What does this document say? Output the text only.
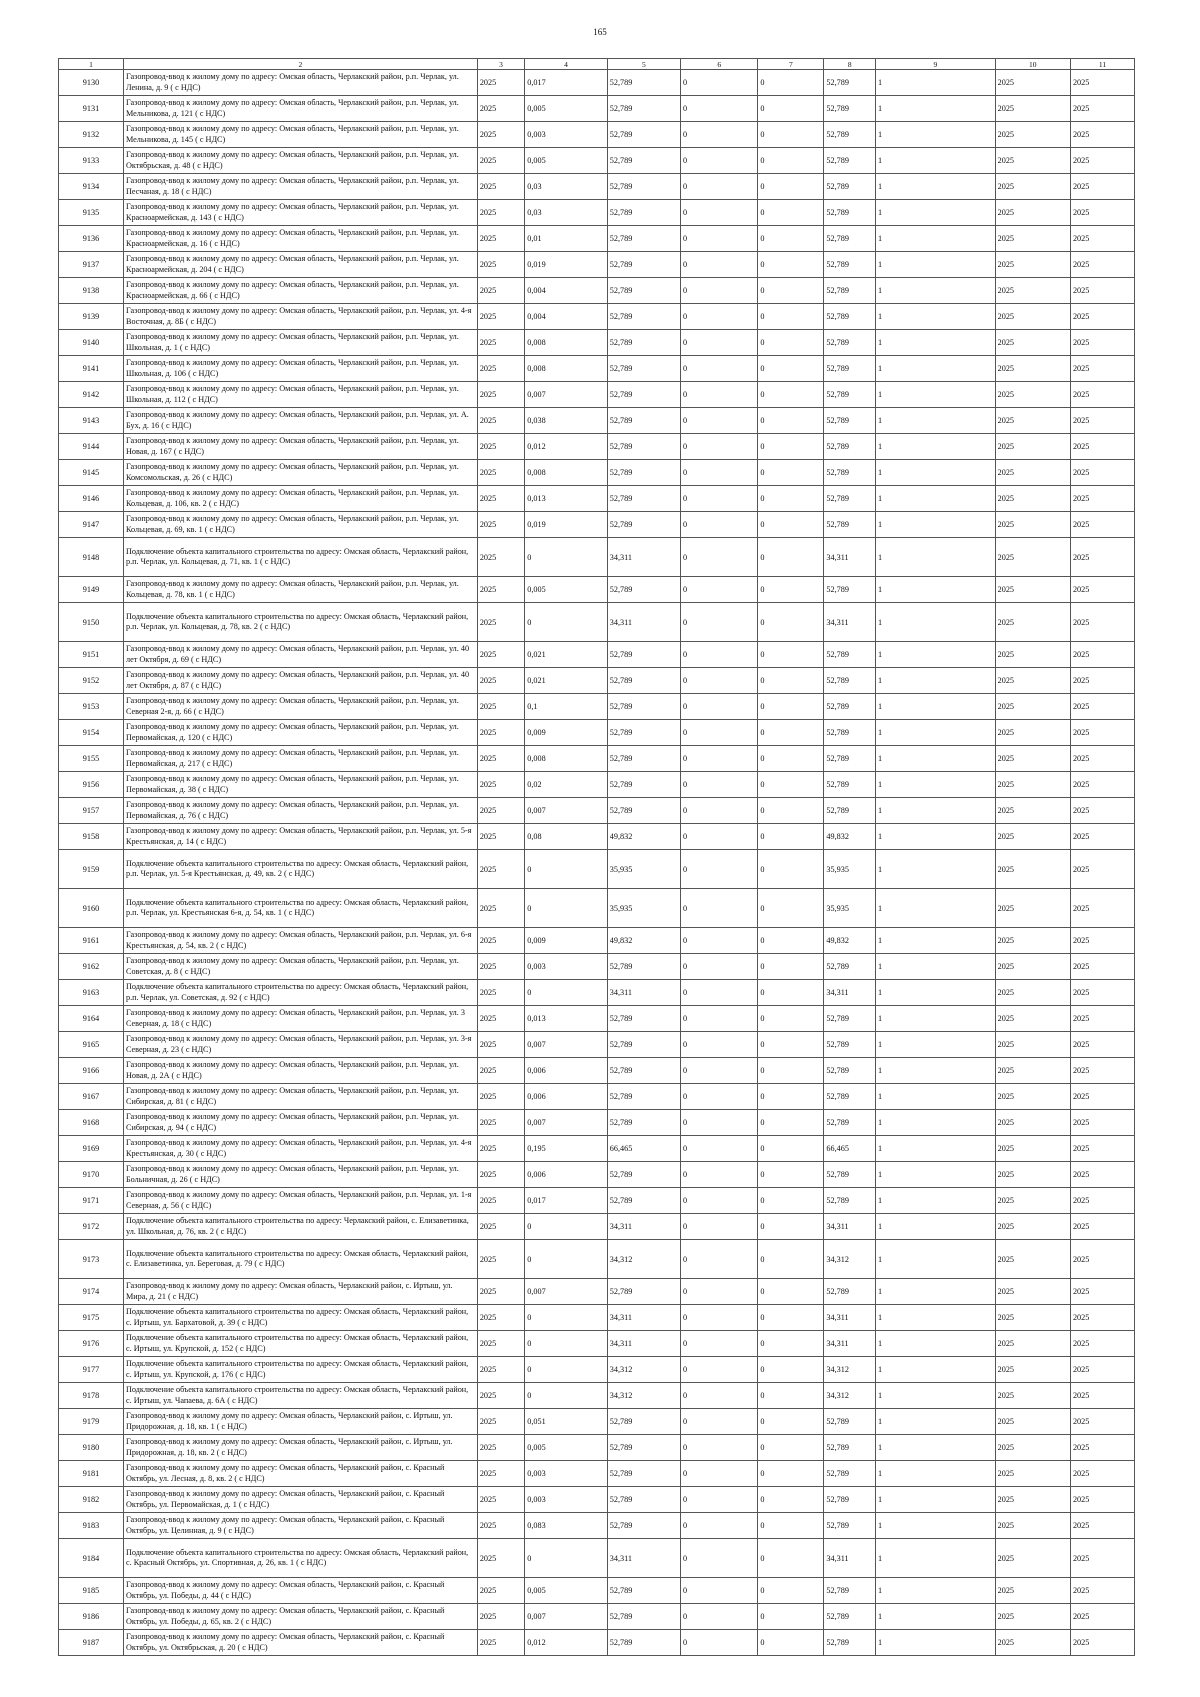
165
1	2	3	4	5	6	7	8	9	10	11
9130	Газопровод-ввод к жилому дому по адресу: Омская область, Черлакский район, р.п. Черлак, ул. Ленина, д. 9 ( с НДС)	2025	0,017	52,789	0	0	52,789	1	2025	2025
9131	Газопровод-ввод к жилому дому по адресу: Омская область, Черлакский район, р.п. Черлак, ул. Мельникова, д. 121 ( с НДС)	2025	0,005	52,789	0	0	52,789	1	2025	2025
9132	Газопровод-ввод к жилому дому по адресу: Омская область, Черлакский район, р.п. Черлак, ул. Мельникова, д. 145 ( с НДС)	2025	0,003	52,789	0	0	52,789	1	2025	2025
9133	Газопровод-ввод к жилому дому по адресу: Омская область, Черлакский район, р.п. Черлак, ул. Октябрьская, д. 48 ( с НДС)	2025	0,005	52,789	0	0	52,789	1	2025	2025
9134	Газопровод-ввод к жилому дому по адресу: Омская область, Черлакский район, р.п. Черлак, ул. Песчаная, д. 18 ( с НДС)	2025	0,03	52,789	0	0	52,789	1	2025	2025
9135	Газопровод-ввод к жилому дому по адресу: Омская область, Черлакский район, р.п. Черлак, ул. Красноармейская, д. 143 ( с НДС)	2025	0,03	52,789	0	0	52,789	1	2025	2025
9136	Газопровод-ввод к жилому дому по адресу: Омская область, Черлакский район, р.п. Черлак, ул. Красноармейская, д. 16 ( с НДС)	2025	0,01	52,789	0	0	52,789	1	2025	2025
9137	Газопровод-ввод к жилому дому по адресу: Омская область, Черлакский район, р.п. Черлак, ул. Красноармейская, д. 204 ( с НДС)	2025	0,019	52,789	0	0	52,789	1	2025	2025
9138	Газопровод-ввод к жилому дому по адресу: Омская область, Черлакский район, р.п. Черлак, ул. Красноармейская, д. 66 ( с НДС)	2025	0,004	52,789	0	0	52,789	1	2025	2025
9139	Газопровод-ввод к жилому дому по адресу: Омская область, Черлакский район, р.п. Черлак, ул. 4-я Восточная, д. 8Б ( с НДС)	2025	0,004	52,789	0	0	52,789	1	2025	2025
9140	Газопровод-ввод к жилому дому по адресу: Омская область, Черлакский район, р.п. Черлак, ул. Школьная, д. 1 ( с НДС)	2025	0,008	52,789	0	0	52,789	1	2025	2025
9141	Газопровод-ввод к жилому дому по адресу: Омская область, Черлакский район, р.п. Черлак, ул. Школьная, д. 106 ( с НДС)	2025	0,008	52,789	0	0	52,789	1	2025	2025
9142	Газопровод-ввод к жилому дому по адресу: Омская область, Черлакский район, р.п. Черлак, ул. Школьная, д. 112 ( с НДС)	2025	0,007	52,789	0	0	52,789	1	2025	2025
9143	Газопровод-ввод к жилому дому по адресу: Омская область, Черлакский район, р.п. Черлак, ул. А. Бух, д. 16 ( с НДС)	2025	0,038	52,789	0	0	52,789	1	2025	2025
9144	Газопровод-ввод к жилому дому по адресу: Омская область, Черлакский район, р.п. Черлак, ул. Новая, д. 167 ( с НДС)	2025	0,012	52,789	0	0	52,789	1	2025	2025
9145	Газопровод-ввод к жилому дому по адресу: Омская область, Черлакский район, р.п. Черлак, ул. Комсомольская, д. 26 ( с НДС)	2025	0,008	52,789	0	0	52,789	1	2025	2025
9146	Газопровод-ввод к жилому дому по адресу: Омская область, Черлакский район, р.п. Черлак, ул. Кольцевая, д. 106, кв. 2 ( с НДС)	2025	0,013	52,789	0	0	52,789	1	2025	2025
9147	Газопровод-ввод к жилому дому по адресу: Омская область, Черлакский район, р.п. Черлак, ул. Кольцевая, д. 69, кв. 1 ( с НДС)	2025	0,019	52,789	0	0	52,789	1	2025	2025
9148	Подключение объекта капитального строительства по адресу: Омская область, Черлакский район, р.п. Черлак, ул. Кольцевая, д. 71, кв. 1 ( с НДС)	2025	0	34,311	0	0	34,311	1	2025	2025
9149	Газопровод-ввод к жилому дому по адресу: Омская область, Черлакский район, р.п. Черлак, ул. Кольцевая, д. 78, кв. 1 ( с НДС)	2025	0,005	52,789	0	0	52,789	1	2025	2025
9150	Подключение объекта капитального строительства по адресу: Омская область, Черлакский район, р.п. Черлак, ул. Кольцевая, д. 78, кв. 2 ( с НДС)	2025	0	34,311	0	0	34,311	1	2025	2025
9151	Газопровод-ввод к жилому дому по адресу: Омская область, Черлакский район, р.п. Черлак, ул. 40 лет Октября, д. 69 ( с НДС)	2025	0,021	52,789	0	0	52,789	1	2025	2025
9152	Газопровод-ввод к жилому дому по адресу: Омская область, Черлакский район, р.п. Черлак, ул. 40 лет Октября, д. 87 ( с НДС)	2025	0,021	52,789	0	0	52,789	1	2025	2025
9153	Газопровод-ввод к жилому дому по адресу: Омская область, Черлакский район, р.п. Черлак, ул. Северная 2-я, д. 66 ( с НДС)	2025	0,1	52,789	0	0	52,789	1	2025	2025
9154	Газопровод-ввод к жилому дому по адресу: Омская область, Черлакский район, р.п. Черлак, ул. Первомайская, д. 120 ( с НДС)	2025	0,009	52,789	0	0	52,789	1	2025	2025
9155	Газопровод-ввод к жилому дому по адресу: Омская область, Черлакский район, р.п. Черлак, ул. Первомайская, д. 217 ( с НДС)	2025	0,008	52,789	0	0	52,789	1	2025	2025
9156	Газопровод-ввод к жилому дому по адресу: Омская область, Черлакский район, р.п. Черлак, ул. Первомайская, д. 38 ( с НДС)	2025	0,02	52,789	0	0	52,789	1	2025	2025
9157	Газопровод-ввод к жилому дому по адресу: Омская область, Черлакский район, р.п. Черлак, ул. Первомайская, д. 76 ( с НДС)	2025	0,007	52,789	0	0	52,789	1	2025	2025
9158	Газопровод-ввод к жилому дому по адресу: Омская область, Черлакский район, р.п. Черлак, ул. 5-я Крестьянская, д. 14 ( с НДС)	2025	0,08	49,832	0	0	49,832	1	2025	2025
9159	Подключение объекта капитального строительства по адресу: Омская область, Черлакский район, р.п. Черлак, ул. 5-я Крестьянская, д. 49, кв. 2 ( с НДС)	2025	0	35,935	0	0	35,935	1	2025	2025
9160	Подключение объекта капитального строительства по адресу: Омская область, Черлакский район, р.п. Черлак, ул. Крестьянская 6-я, д. 54, кв. 1 ( с НДС)	2025	0	35,935	0	0	35,935	1	2025	2025
9161	Газопровод-ввод к жилому дому по адресу: Омская область, Черлакский район, р.п. Черлак, ул. 6-я Крестьянская, д. 54, кв. 2 ( с НДС)	2025	0,009	49,832	0	0	49,832	1	2025	2025
9162	Газопровод-ввод к жилому дому по адресу: Омская область, Черлакский район, р.п. Черлак, ул. Советская, д. 8 ( с НДС)	2025	0,003	52,789	0	0	52,789	1	2025	2025
9163	Подключение объекта капитального строительства по адресу: Омская область, Черлакский район, р.п. Черлак, ул. Советская, д. 92 ( с НДС)	2025	0	34,311	0	0	34,311	1	2025	2025
9164	Газопровод-ввод к жилому дому по адресу: Омская область, Черлакский район, р.п. Черлак, ул. 3 Северная, д. 18 ( с НДС)	2025	0,013	52,789	0	0	52,789	1	2025	2025
9165	Газопровод-ввод к жилому дому по адресу: Омская область, Черлакский район, р.п. Черлак, ул. 3-я Северная, д. 23 ( с НДС)	2025	0,007	52,789	0	0	52,789	1	2025	2025
9166	Газопровод-ввод к жилому дому по адресу: Омская область, Черлакский район, р.п. Черлак, ул. Новая, д. 2А ( с НДС)	2025	0,006	52,789	0	0	52,789	1	2025	2025
9167	Газопровод-ввод к жилому дому по адресу: Омская область, Черлакский район, р.п. Черлак, ул. Сибирская, д. 81 ( с НДС)	2025	0,006	52,789	0	0	52,789	1	2025	2025
9168	Газопровод-ввод к жилому дому по адресу: Омская область, Черлакский район, р.п. Черлак, ул. Сибирская, д. 94 ( с НДС)	2025	0,007	52,789	0	0	52,789	1	2025	2025
9169	Газопровод-ввод к жилому дому по адресу: Омская область, Черлакский район, р.п. Черлак, ул. 4-я Крестьянская, д. 30 ( с НДС)	2025	0,195	66,465	0	0	66,465	1	2025	2025
9170	Газопровод-ввод к жилому дому по адресу: Омская область, Черлакский район, р.п. Черлак, ул. Больничная, д. 26 ( с НДС)	2025	0,006	52,789	0	0	52,789	1	2025	2025
9171	Газопровод-ввод к жилому дому по адресу: Омская область, Черлакский район, р.п. Черлак, ул. 1-я Северная, д. 56 ( с НДС)	2025	0,017	52,789	0	0	52,789	1	2025	2025
9172	Подключение объекта капитального строительства по адресу: Черлакский район, с. Елизаветинка, ул. Школьная, д. 76, кв. 2 ( с НДС)	2025	0	34,311	0	0	34,311	1	2025	2025
9173	Подключение объекта капитального строительства по адресу: Омская область, Черлакский район, с. Елизаветинка, ул. Береговая, д. 79 ( с НДС)	2025	0	34,312	0	0	34,312	1	2025	2025
9174	Газопровод-ввод к жилому дому по адресу: Омская область, Черлакский район, с. Иртыш, ул. Мира, д. 21 ( с НДС)	2025	0,007	52,789	0	0	52,789	1	2025	2025
9175	Подключение объекта капитального строительства по адресу: Омская область, Черлакский район, с. Иртыш, ул. Бархатовой, д. 39 ( с НДС)	2025	0	34,311	0	0	34,311	1	2025	2025
9176	Подключение объекта капитального строительства по адресу: Омская область, Черлакский район, с. Иртыш, ул. Крупской, д. 152 ( с НДС)	2025	0	34,311	0	0	34,311	1	2025	2025
9177	Подключение объекта капитального строительства по адресу: Омская область, Черлакский район, с. Иртыш, ул. Крупской, д. 176 ( с НДС)	2025	0	34,312	0	0	34,312	1	2025	2025
9178	Подключение объекта капитального строительства по адресу: Омская область, Черлакский район, с. Иртыш, ул. Чапаева, д. 6А ( с НДС)	2025	0	34,312	0	0	34,312	1	2025	2025
9179	Газопровод-ввод к жилому дому по адресу: Омская область, Черлакский район, с. Иртыш, ул. Придорожная, д. 18, кв. 1 ( с НДС)	2025	0,051	52,789	0	0	52,789	1	2025	2025
9180	Газопровод-ввод к жилому дому по адресу: Омская область, Черлакский район, с. Иртыш, ул. Придорожная, д. 18, кв. 2 ( с НДС)	2025	0,005	52,789	0	0	52,789	1	2025	2025
9181	Газопровод-ввод к жилому дому по адресу: Омская область, Черлакский район, с. Красный Октябрь, ул. Лесная, д. 8, кв. 2 ( с НДС)	2025	0,003	52,789	0	0	52,789	1	2025	2025
9182	Газопровод-ввод к жилому дому по адресу: Омская область, Черлакский район, с. Красный Октябрь, ул. Первомайская, д. 1 ( с НДС)	2025	0,003	52,789	0	0	52,789	1	2025	2025
9183	Газопровод-ввод к жилому дому по адресу: Омская область, Черлакский район, с. Красный Октябрь, ул. Целинная, д. 9 ( с НДС)	2025	0,083	52,789	0	0	52,789	1	2025	2025
9184	Подключение объекта капитального строительства по адресу: Омская область, Черлакский район, с. Красный Октябрь, ул. Спортивная, д. 26, кв. 1 ( с НДС)	2025	0	34,311	0	0	34,311	1	2025	2025
9185	Газопровод-ввод к жилому дому по адресу: Омская область, Черлакский район, с. Красный Октябрь, ул. Победы, д. 44 ( с НДС)	2025	0,005	52,789	0	0	52,789	1	2025	2025
9186	Газопровод-ввод к жилому дому по адресу: Омская область, Черлакский район, с. Красный Октябрь, ул. Победы, д. 65, кв. 2 ( с НДС)	2025	0,007	52,789	0	0	52,789	1	2025	2025
9187	Газопровод-ввод к жилому дому по адресу: Омская область, Черлакский район, с. Красный Октябрь, ул. Октябрьская, д. 20 ( с НДС)	2025	0,012	52,789	0	0	52,789	1	2025	2025
